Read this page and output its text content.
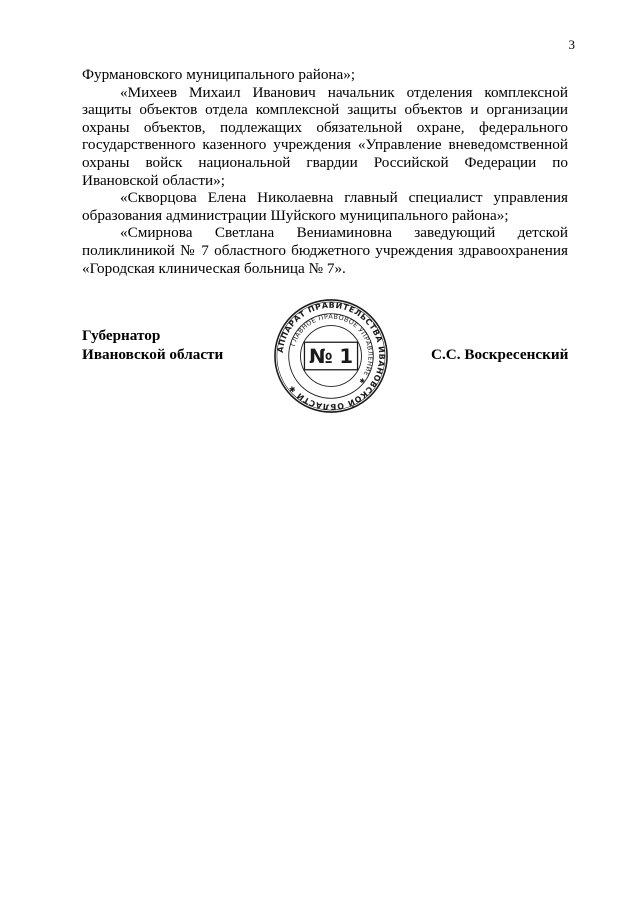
3

Фурмановского муниципального района»;

«Михеев Михаил Иванович начальник отделения комплексной защиты объектов отдела комплексной защиты объектов и организации охраны объектов, подлежащих обязательной охране, федерального государственного казенного учреждения «Управление вневедомственной охраны войск национальной гвардии Российской Федерации по Ивановской области»;

«Скворцова Елена Николаевна главный специалист управления образования администрации Шуйского муниципального района»;

«Смирнова Светлана Вениаминовна заведующий детской поликлиникой № 7 областного бюджетного учреждения здравоохранения «Городская клиническая больница № 7».

Губернатор
Ивановской области	С.С. Воскресенский
АППАРАТ ПРАВИТЕЛЬСТВА ИВАНОВСКОЙ ОБЛАСТИ ✱
ГЛАВНОЕ ПРАВОВОЕ УПРАВЛЕНИЕ ✱
№ 1
